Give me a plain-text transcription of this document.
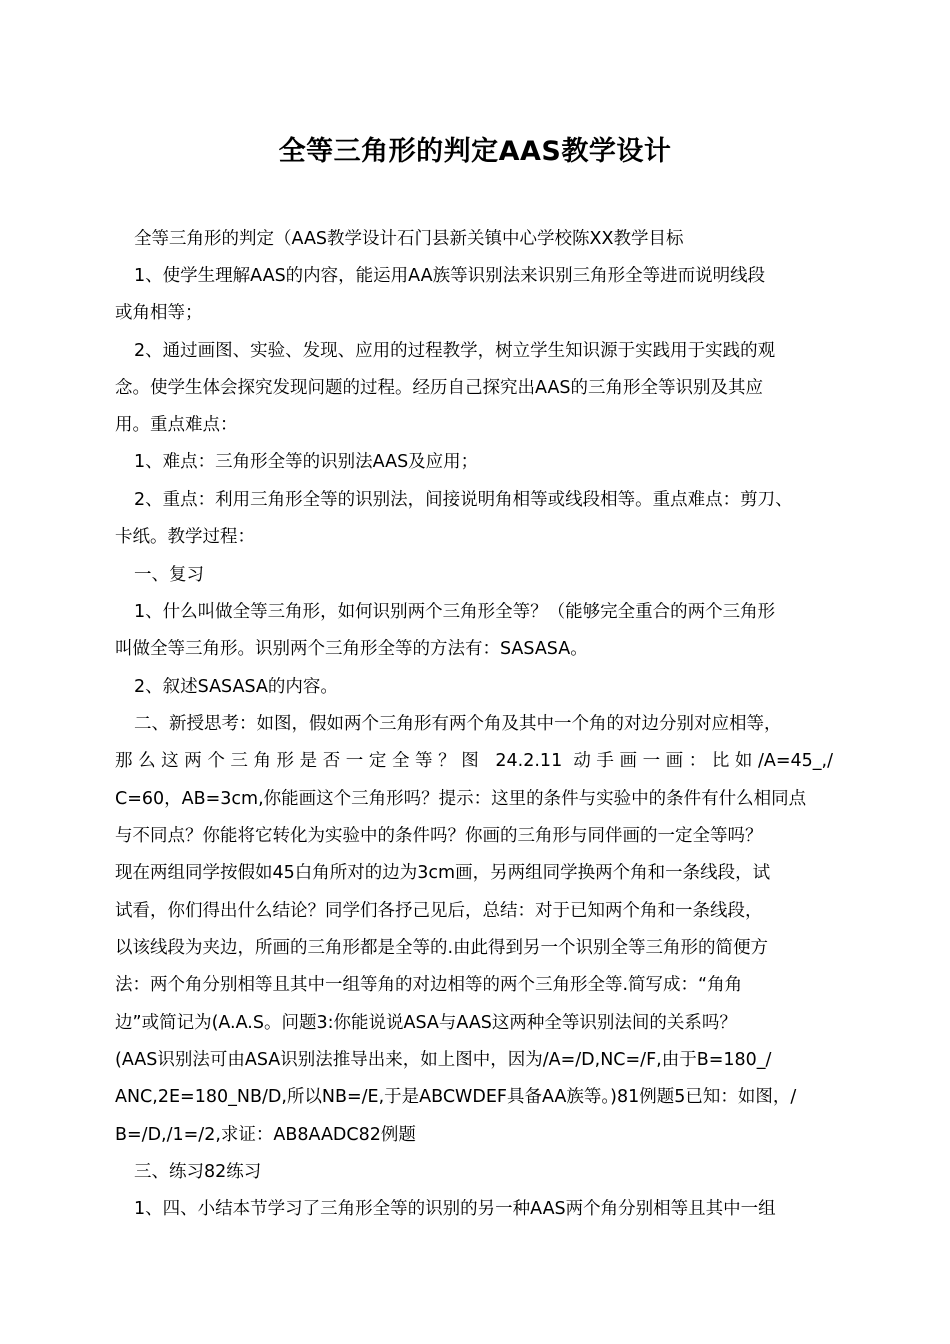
全等三角形的判定AAS教学设计
全等三角形的判定（AAS教学设计石门县新关镇中心学校陈XX教学目标
1、使学生理解AAS的内容，能运用AA族等识别法来识别三角形全等进而说明线段
或角相等；
2、通过画图、实验、发现、应用的过程教学，树立学生知识源于实践用于实践的观
念。使学生体会探究发现问题的过程。经历自己探究出AAS的三角形全等识别及其应
用。重点难点：
1、难点：三角形全等的识别法AAS及应用；
2、重点：利用三角形全等的识别法，间接说明角相等或线段相等。重点难点：剪刀、
卡纸。教学过程：
一、复习
1、什么叫做全等三角形，如何识别两个三角形全等？（能够完全重合的两个三角形
叫做全等三角形。识别两个三角形全等的方法有：SASASA。
2、叙述SASASA的内容。
二、新授思考：如图，假如两个三角形有两个角及其中一个角的对边分别对应相等，
那么这两个三角形是否一定全等？图 24.2.11 动手画一画：比如/A=45_,/
C=60，AB=3cm,你能画这个三角形吗？提示：这里的条件与实验中的条件有什么相同点
与不同点？你能将它转化为实验中的条件吗？你画的三角形与同伴画的一定全等吗？
现在两组同学按假如45白角所对的边为3cm画，另两组同学换两个角和一条线段，试
试看，你们得出什么结论？同学们各抒己见后，总结：对于已知两个角和一条线段，
以该线段为夹边，所画的三角形都是全等的.由此得到另一个识别全等三角形的简便方
法：两个角分别相等且其中一组等角的对边相等的两个三角形全等.简写成：“角角
边”或简记为(A.A.S。问题3:你能说说ASA与AAS这两种全等识别法间的关系吗？
(AAS识别法可由ASA识别法推导出来，如上图中，因为/A=/D,NC=/F,由于B=180_/
ANC,2E=180_NB/D,所以NB=/E,于是ABCWDEF具备AA族等。)81例题5已知：如图，/
B=/D,/1=/2,求证：AB8AADC82例题
三、练习82练习
1、四、小结本节学习了三角形全等的识别的另一种AAS两个角分别相等且其中一组
